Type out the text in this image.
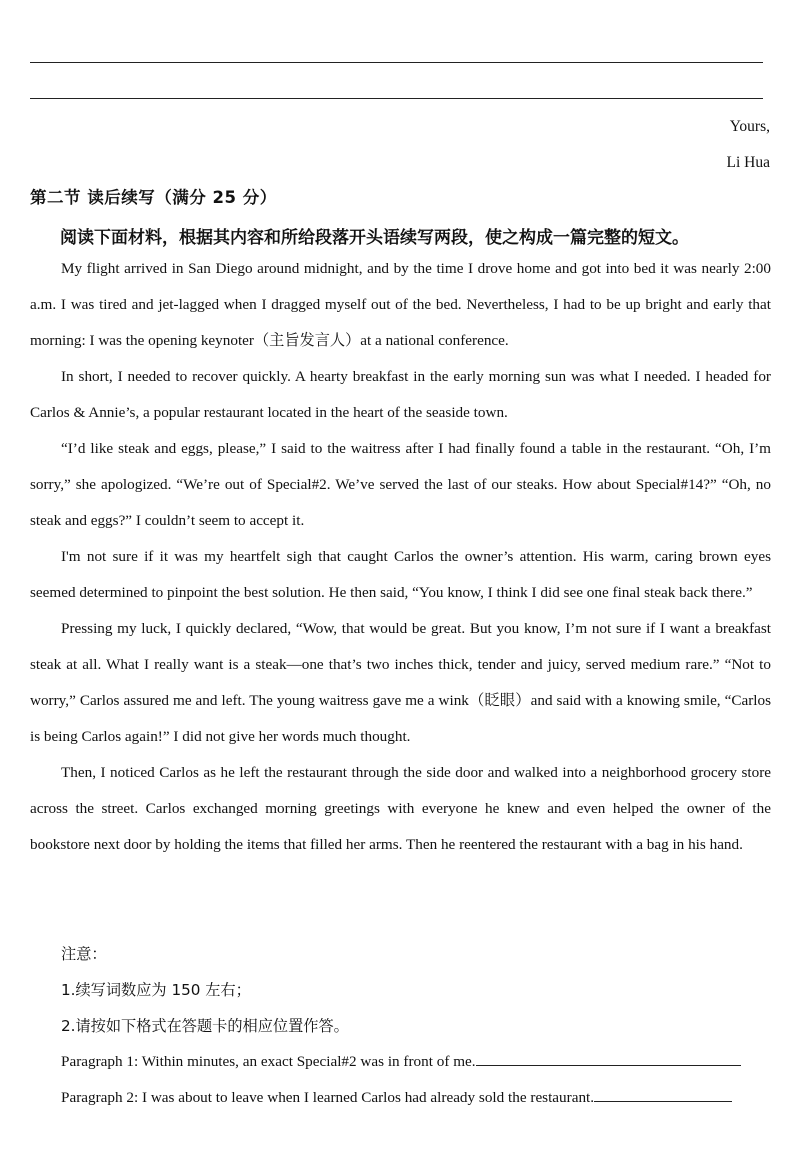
Yours,
Li Hua
第二节 读后续写（满分 25 分）
阅读下面材料，根据其内容和所给段落开头语续写两段，使之构成一篇完整的短文。

My flight arrived in San Diego around midnight, and by the time I drove home and got into bed it was nearly 2:00 a.m. I was tired and jet-lagged when I dragged myself out of the bed. Nevertheless, I had to be up bright and early that morning: I was the opening keynoter（主旨发言人）at a national conference.

In short, I needed to recover quickly. A hearty breakfast in the early morning sun was what I needed. I headed for Carlos & Annie’s, a popular restaurant located in the heart of the seaside town.

“I’d like steak and eggs, please,” I said to the waitress after I had finally found a table in the restaurant. “Oh, I’m sorry,” she apologized. “We’re out of Special#2. We’ve served the last of our steaks. How about Special#14?” “Oh, no steak and eggs?” I couldn’t seem to accept it.

I'm not sure if it was my heartfelt sigh that caught Carlos the owner’s attention. His warm, caring brown eyes seemed determined to pinpoint the best solution. He then said, “You know, I think I did see one final steak back there.”

Pressing my luck, I quickly declared, “Wow, that would be great. But you know, I’m not sure if I want a breakfast steak at all. What I really want is a steak—one that’s two inches thick, tender and juicy, served medium rare.” “Not to worry,” Carlos assured me and left. The young waitress gave me a wink（眨眼）and said with a knowing smile, “Carlos is being Carlos again!” I did not give her words much thought.

Then, I noticed Carlos as he left the restaurant through the side door and walked into a neighborhood grocery store across the street. Carlos exchanged morning greetings with everyone he knew and even helped the owner of the bookstore next door by holding the items that filled her arms. Then he reentered the restaurant with a bag in his hand.

注意：
1.续写词数应为 150 左右；
2.请按如下格式在答题卡的相应位置作答。
Paragraph 1: Within minutes, an exact Special#2 was in front of me.
Paragraph 2: I was about to leave when I learned Carlos had already sold the restaurant.
